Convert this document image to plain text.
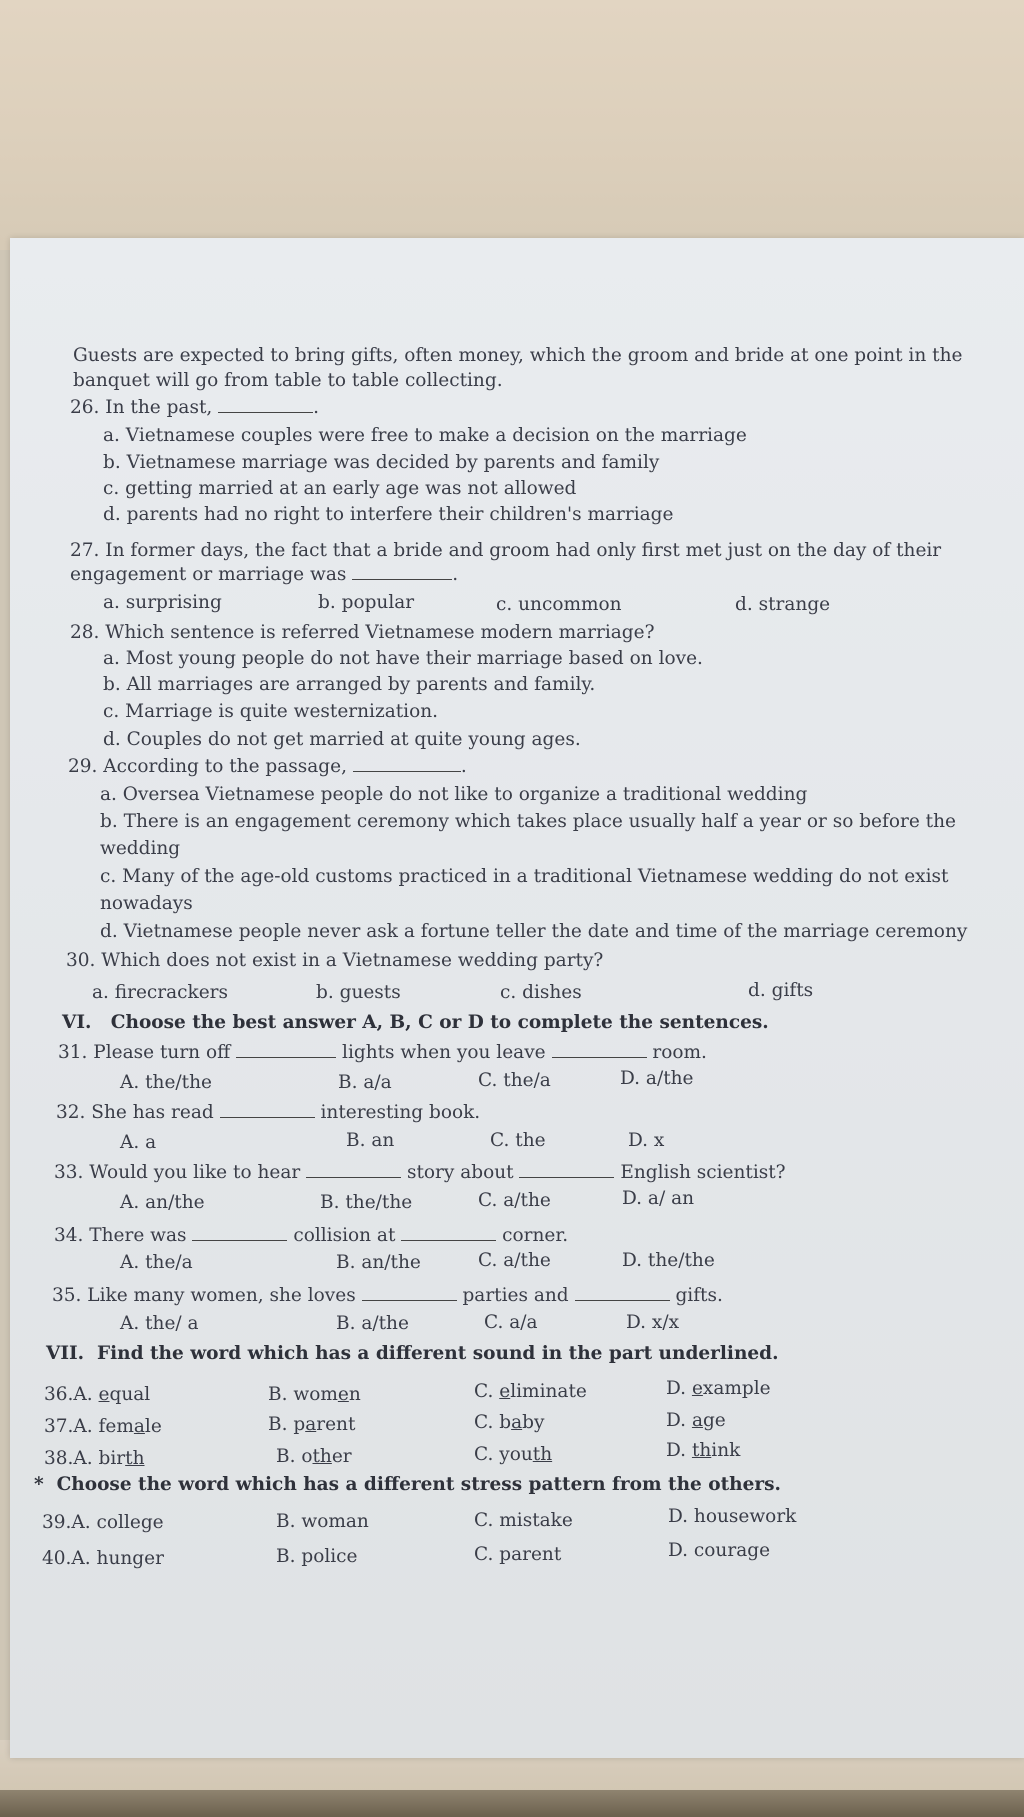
Guests are expected to bring gifts, often money, which the groom and bride at one point in the
banquet will go from table to table collecting.
26. In the past,	.
a. Vietnamese couples were free to make a decision on the marriage
b. Vietnamese marriage was decided by parents and family
c. getting married at an early age was not allowed
d. parents had no right to interfere their children's marriage
27. In former days, the fact that a bride and groom had only first met just on the day of their
engagement or marriage was	.
a. surprising	b. popular	c. uncommon	d. strange
28. Which sentence is referred Vietnamese modern marriage?
a. Most young people do not have their marriage based on love.
b. All marriages are arranged by parents and family.
c. Marriage is quite westernization.
d. Couples do not get married at quite young ages.
29. According to the passage,	.
a. Oversea Vietnamese people do not like to organize a traditional wedding
b. There is an engagement ceremony which takes place usually half a year or so before the
wedding
c. Many of the age-old customs practiced in a traditional Vietnamese wedding do not exist
nowadays
d. Vietnamese people never ask a fortune teller the date and time of the marriage ceremony
30. Which does not exist in a Vietnamese wedding party?
a. firecrackers	b. guests	c. dishes	d. gifts
VI. Choose the best answer A, B, C or D to complete the sentences.
31. Please turn off	lights when you leave	room.
A. the/the	B. a/a	C. the/a	D. a/the
32. She has read	interesting book.
A. a	B. an	C. the	D. x
33. Would you like to hear	story about	English scientist?
A. an/the	B. the/the	C. a/the	D. a/ an
34. There was	collision at	corner.
A. the/a	B. an/the	C. a/the	D. the/the
35. Like many women, she loves	parties and	gifts.
A. the/ a	B. a/the	C. a/a	D. x/x
VII. Find the word which has a different sound in the part underlined.
36.A. equal	B. women	C. eliminate	D. example
37.A. female	B. parent	C. baby	D. age
38.A. birth	B. other	C. youth	D. think
* Choose the word which has a different stress pattern from the others.
39.A. college	B. woman	C. mistake	D. housework
40.A. hunger	B. police	C. parent	D. courage
